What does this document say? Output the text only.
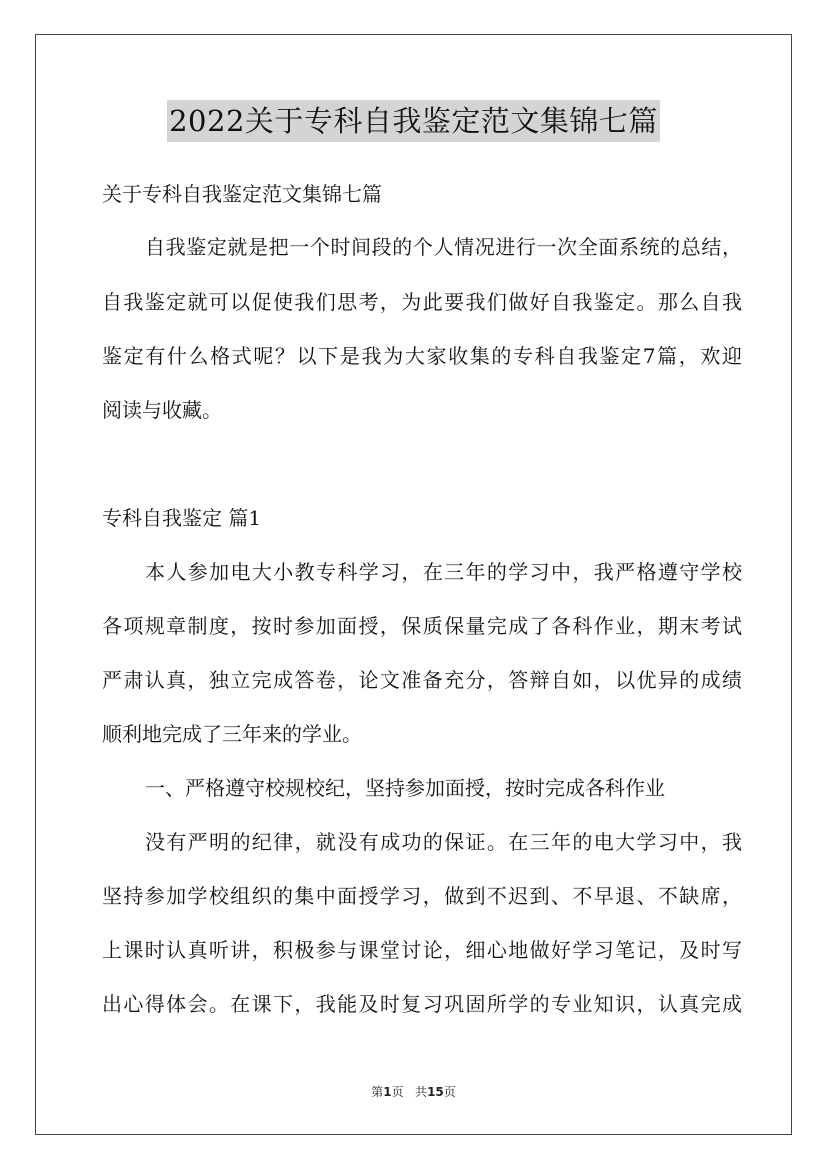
2022关于专科自我鉴定范文集锦七篇

关于专科自我鉴定范文集锦七篇

自我鉴定就是把一个时间段的个人情况进行一次全面系统的总结，

自我鉴定就可以促使我们思考，为此要我们做好自我鉴定。那么自我

鉴定有什么格式呢？以下是我为大家收集的专科自我鉴定7篇，欢迎

阅读与收藏。

专科自我鉴定 篇1

本人参加电大小教专科学习，在三年的学习中，我严格遵守学校

各项规章制度，按时参加面授，保质保量完成了各科作业，期末考试

严肃认真，独立完成答卷，论文准备充分，答辩自如，以优异的成绩

顺利地完成了三年来的学业。

一、严格遵守校规校纪，坚持参加面授，按时完成各科作业

没有严明的纪律，就没有成功的保证。在三年的电大学习中，我

坚持参加学校组织的集中面授学习，做到不迟到、不早退、不缺席，

上课时认真听讲，积极参与课堂讨论，细心地做好学习笔记，及时写

出心得体会。在课下，我能及时复习巩固所学的专业知识，认真完成

第1页 共15页
